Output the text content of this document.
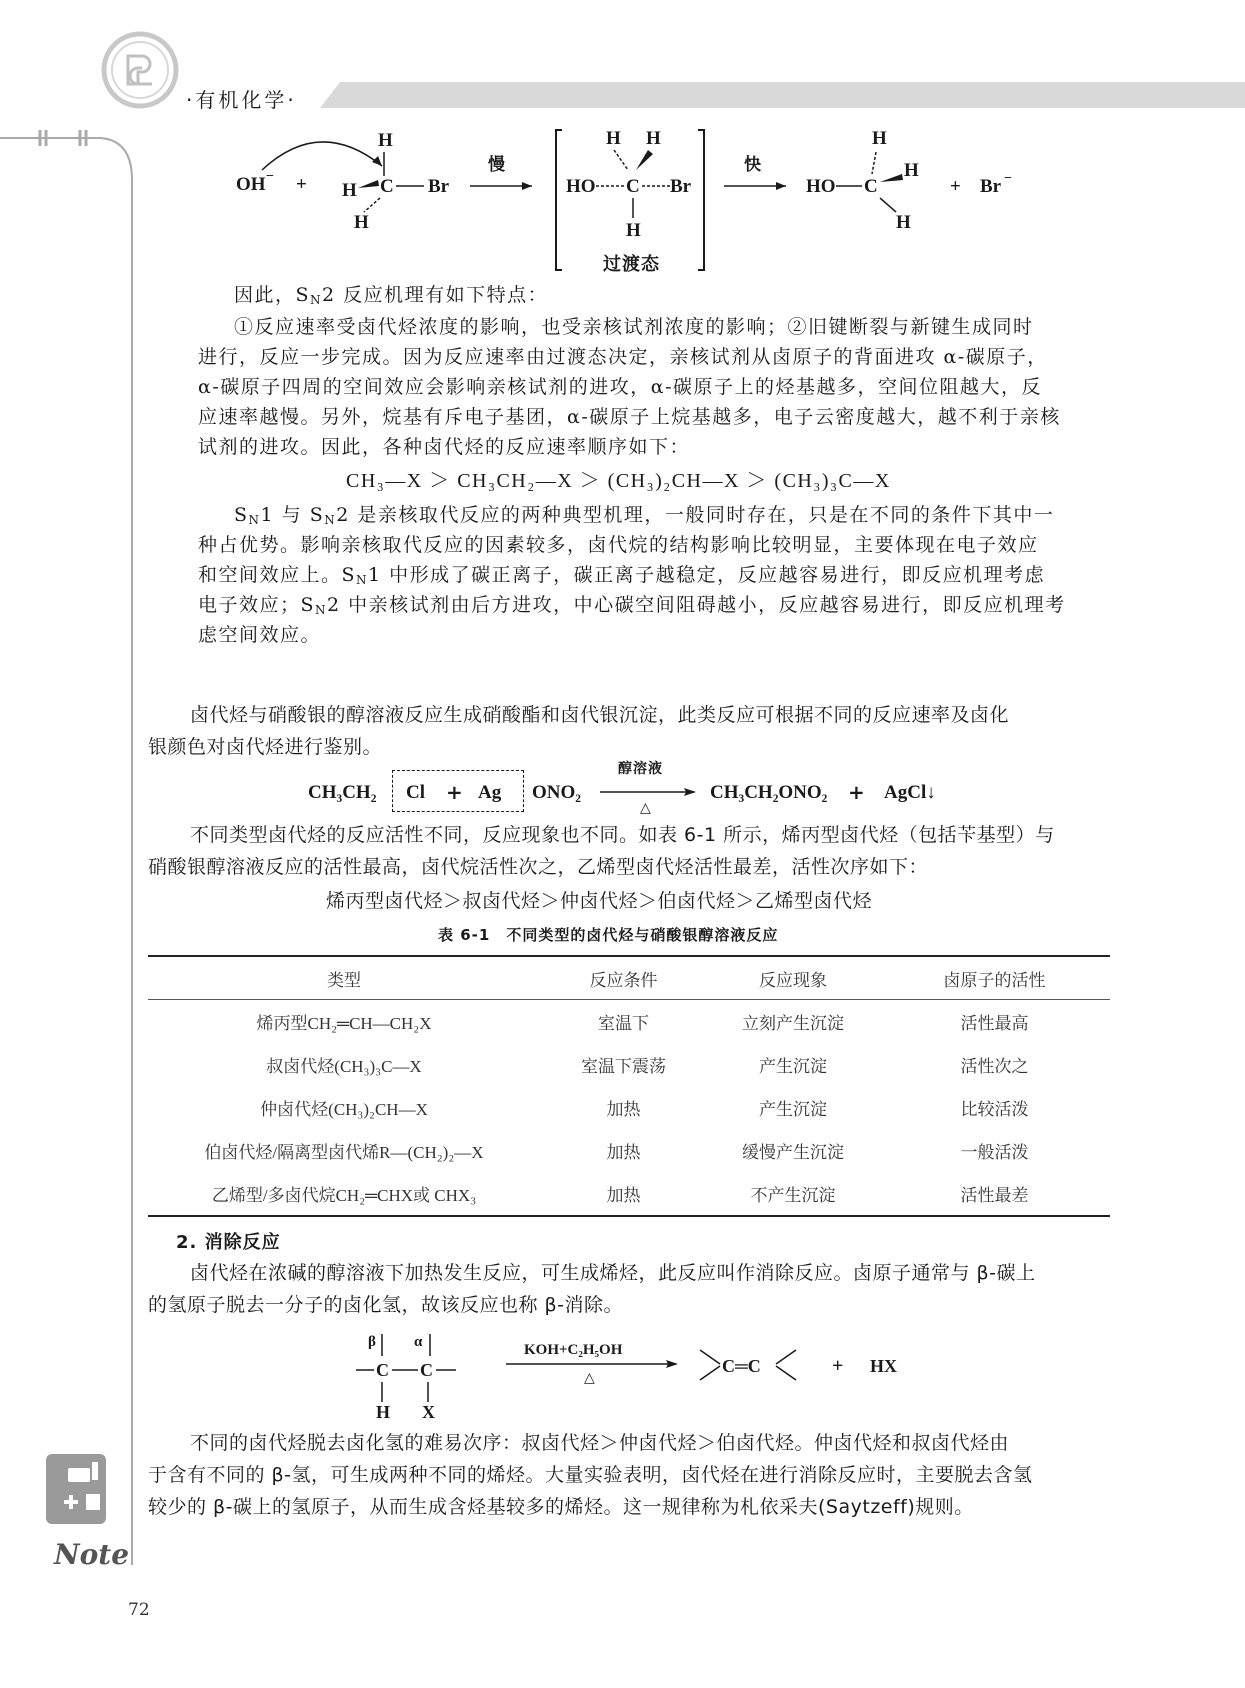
·有机化学·
Note
72
OH − +
H
H C Br
H
慢
H H
HO C Br
H
快
HO C
H
H
H
+ Br −
过渡态
因此，$S_N2$ 反应机理有如下特点：
①反应速率受卤代烃浓度的影响，也受亲核试剂浓度的影响；②旧键断裂与新键生成同时
进行，反应一步完成。因为反应速率由过渡态决定，亲核试剂从卤原子的背面进攻 α-碳原子，
α-碳原子四周的空间效应会影响亲核试剂的进攻，α-碳原子上的烃基越多，空间位阻越大，反
应速率越慢。另外，烷基有斥电子基团，α-碳原子上烷基越多，电子云密度越大，越不利于亲核
试剂的进攻。因此，各种卤代烃的反应速率顺序如下：
CH₃—X ＞ CH₃CH₂—X ＞ (CH₃)₂CH—X ＞ (CH₃)₃C—X
$S_N1$ 与 $S_N2$ 是亲核取代反应的两种典型机理，一般同时存在，只是在不同的条件下其中一
种占优势。影响亲核取代反应的因素较多，卤代烷的结构影响比较明显，主要体现在电子效应
和空间效应上。$S_N1$ 中形成了碳正离子，碳正离子越稳定，反应越容易进行，即反应机理考虑
电子效应；$S_N2$ 中亲核试剂由后方进攻，中心碳空间阻碍越小，反应越容易进行，即反应机理考
虑空间效应。
卤代烃与硝酸银的醇溶液反应生成硝酸酯和卤代银沉淀，此类反应可根据不同的反应速率及卤化
银颜色对卤代烃进行鉴别。
CH₃CH₂ Cl + Ag ONO₂
醇溶液
△
CH₃CH₂ONO₂ + AgCl↓
不同类型卤代烃的反应活性不同，反应现象也不同。如表 6-1 所示，烯丙型卤代烃（包括苄基型）与
硝酸银醇溶液反应的活性最高，卤代烷活性次之，乙烯型卤代烃活性最差，活性次序如下：
烯丙型卤代烃＞叔卤代烃＞仲卤代烃＞伯卤代烃＞乙烯型卤代烃
表 6-1　不同类型的卤代烃与硝酸银醇溶液反应
类型	反应条件	反应现象	卤原子的活性
烯丙型CH₂═CH—CH₂X	室温下	立刻产生沉淀	活性最高
叔卤代烃(CH₃)₃C—X	室温下震荡	产生沉淀	活性次之
仲卤代烃(CH₃)₂CH—X	加热	产生沉淀	比较活泼
伯卤代烃/隔离型卤代烯R—(CH₂)₂—X	加热	缓慢产生沉淀	一般活泼
乙烯型/多卤代烷CH₂═CHX或 CHX₃	加热	不产生沉淀	活性最差
2. 消除反应
卤代烃在浓碱的醇溶液下加热发生反应，可生成烯烃，此反应叫作消除反应。卤原子通常与 β-碳上
的氢原子脱去一分子的卤化氢，故该反应也称 β-消除。
β	α
C C
H X
KOH+C₂H₅OH
△
C═C	+ HX
不同的卤代烃脱去卤化氢的难易次序：叔卤代烃＞仲卤代烃＞伯卤代烃。仲卤代烃和叔卤代烃由
于含有不同的 β-氢，可生成两种不同的烯烃。大量实验表明，卤代烃在进行消除反应时，主要脱去含氢
较少的 β-碳上的氢原子，从而生成含烃基较多的烯烃。这一规律称为札依采夫(Saytzeff)规则。
